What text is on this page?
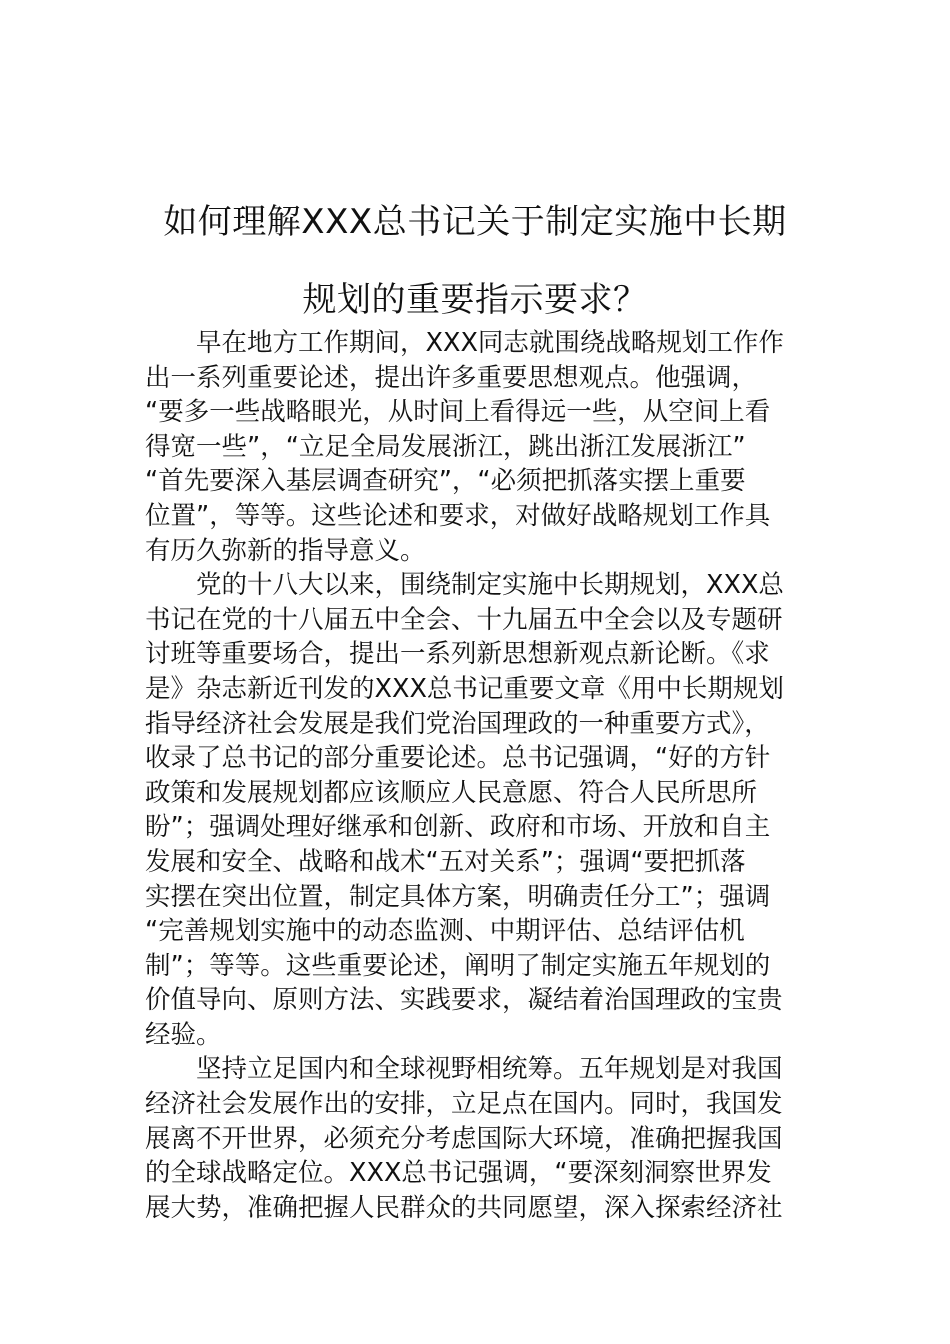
如何理解XXX总书记关于制定实施中长期
规划的重要指示要求？

早在地方工作期间，XXX同志就围绕战略规划工作作
出一系列重要论述，提出许多重要思想观点。他强调，
“要多一些战略眼光，从时间上看得远一些，从空间上看
得宽一些”，“立足全局发展浙江，跳出浙江发展浙江”
“首先要深入基层调查研究”，“必须把抓落实摆上重要
位置”，等等。这些论述和要求，对做好战略规划工作具
有历久弥新的指导意义。

党的十八大以来，围绕制定实施中长期规划，XXX总
书记在党的十八届五中全会、十九届五中全会以及专题研
讨班等重要场合，提出一系列新思想新观点新论断。《求
是》杂志新近刊发的XXX总书记重要文章《用中长期规划
指导经济社会发展是我们党治国理政的一种重要方式》，
收录了总书记的部分重要论述。总书记强调，“好的方针
政策和发展规划都应该顺应人民意愿、符合人民所思所
盼”；强调处理好继承和创新、政府和市场、开放和自主
发展和安全、战略和战术“五对关系”；强调“要把抓落
实摆在突出位置，制定具体方案，明确责任分工”；强调
“完善规划实施中的动态监测、中期评估、总结评估机
制”；等等。这些重要论述，阐明了制定实施五年规划的
价值导向、原则方法、实践要求，凝结着治国理政的宝贵
经验。

坚持立足国内和全球视野相统筹。五年规划是对我国
经济社会发展作出的安排，立足点在国内。同时，我国发
展离不开世界，必须充分考虑国际大环境，准确把握我国
的全球战略定位。XXX总书记强调，“要深刻洞察世界发
展大势，准确把握人民群众的共同愿望，深入探索经济社
